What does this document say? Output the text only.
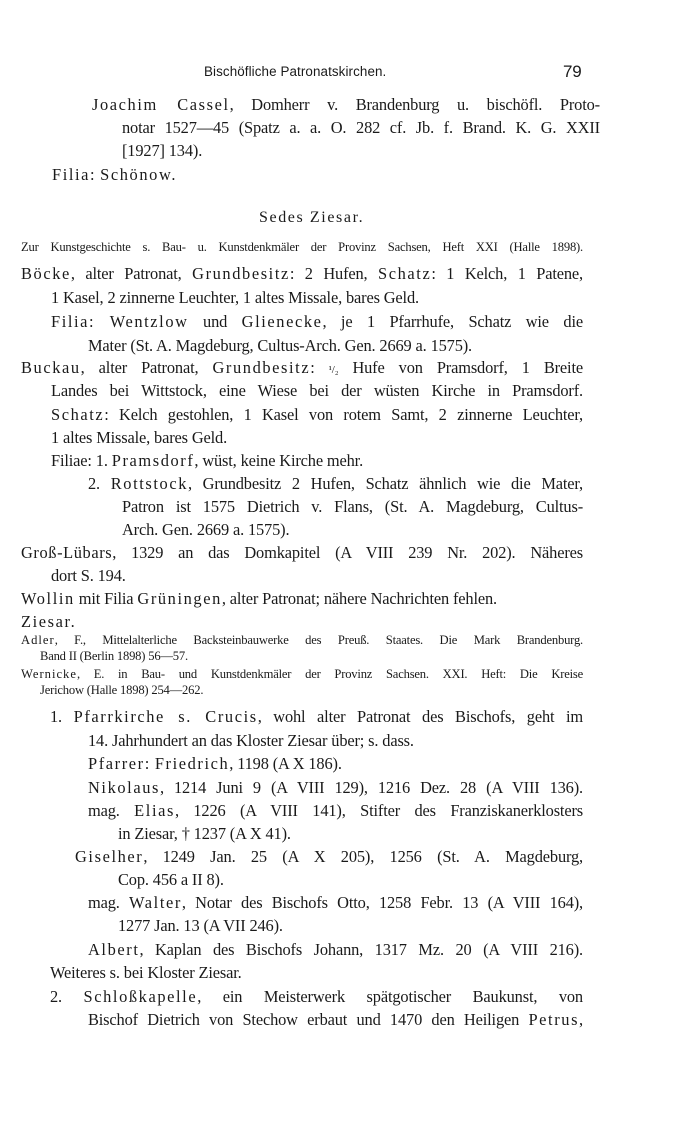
Bischöfliche Patronatskirchen.	79
Joachim Cassel, Domherr v. Brandenburg u. bischöfl. Proto-
notar 1527—45 (Spatz a. a. O. 282 cf. Jb. f. Brand. K. G. XXII
[1927] 134).
Filia: Schönow.
Sedes Ziesar.
Zur Kunstgeschichte s. Bau- u. Kunstdenkmäler der Provinz Sachsen, Heft XXI (Halle 1898).
Böcke, alter Patronat, Grundbesitz: 2 Hufen, Schatz: 1 Kelch, 1 Patene,
1 Kasel, 2 zinnerne Leuchter, 1 altes Missale, bares Geld.
Filia: Wentzlow und Glienecke, je 1 Pfarrhufe, Schatz wie die
Mater (St. A. Magdeburg, Cultus-Arch. Gen. 2669 a. 1575).
Buckau, alter Patronat, Grundbesitz: ¹/₂ Hufe von Pramsdorf, 1 Breite
Landes bei Wittstock, eine Wiese bei der wüsten Kirche in Pramsdorf.
Schatz: Kelch gestohlen, 1 Kasel von rotem Samt, 2 zinnerne Leuchter,
1 altes Missale, bares Geld.
Filiae: 1. Pramsdorf, wüst, keine Kirche mehr.
2. Rottstock, Grundbesitz 2 Hufen, Schatz ähnlich wie die Mater,
Patron ist 1575 Dietrich v. Flans, (St. A. Magdeburg, Cultus-
Arch. Gen. 2669 a. 1575).
Groß-Lübars, 1329 an das Domkapitel (A VIII 239 Nr. 202). Näheres
dort S. 194.
Wollin mit Filia Grüningen, alter Patronat; nähere Nachrichten fehlen.
Ziesar.
Adler, F., Mittelalterliche Backsteinbauwerke des Preuß. Staates. Die Mark Brandenburg.
Band II (Berlin 1898) 56—57.
Wernicke, E. in Bau- und Kunstdenkmäler der Provinz Sachsen. XXI. Heft: Die Kreise
Jerichow (Halle 1898) 254—262.
1. Pfarrkirche s. Crucis, wohl alter Patronat des Bischofs, geht im
14. Jahrhundert an das Kloster Ziesar über; s. dass.
Pfarrer: Friedrich, 1198 (A X 186).
Nikolaus, 1214 Juni 9 (A VIII 129), 1216 Dez. 28 (A VIII 136).
mag. Elias, 1226 (A VIII 141), Stifter des Franziskanerklosters
in Ziesar, † 1237 (A X 41).
Giselher, 1249 Jan. 25 (A X 205), 1256 (St. A. Magdeburg,
Cop. 456 a II 8).
mag. Walter, Notar des Bischofs Otto, 1258 Febr. 13 (A VIII 164),
1277 Jan. 13 (A VII 246).
Albert, Kaplan des Bischofs Johann, 1317 Mz. 20 (A VIII 216).
Weiteres s. bei Kloster Ziesar.
2. Schloßkapelle, ein Meisterwerk spätgotischer Baukunst, von
Bischof Dietrich von Stechow erbaut und 1470 den Heiligen Petrus,
